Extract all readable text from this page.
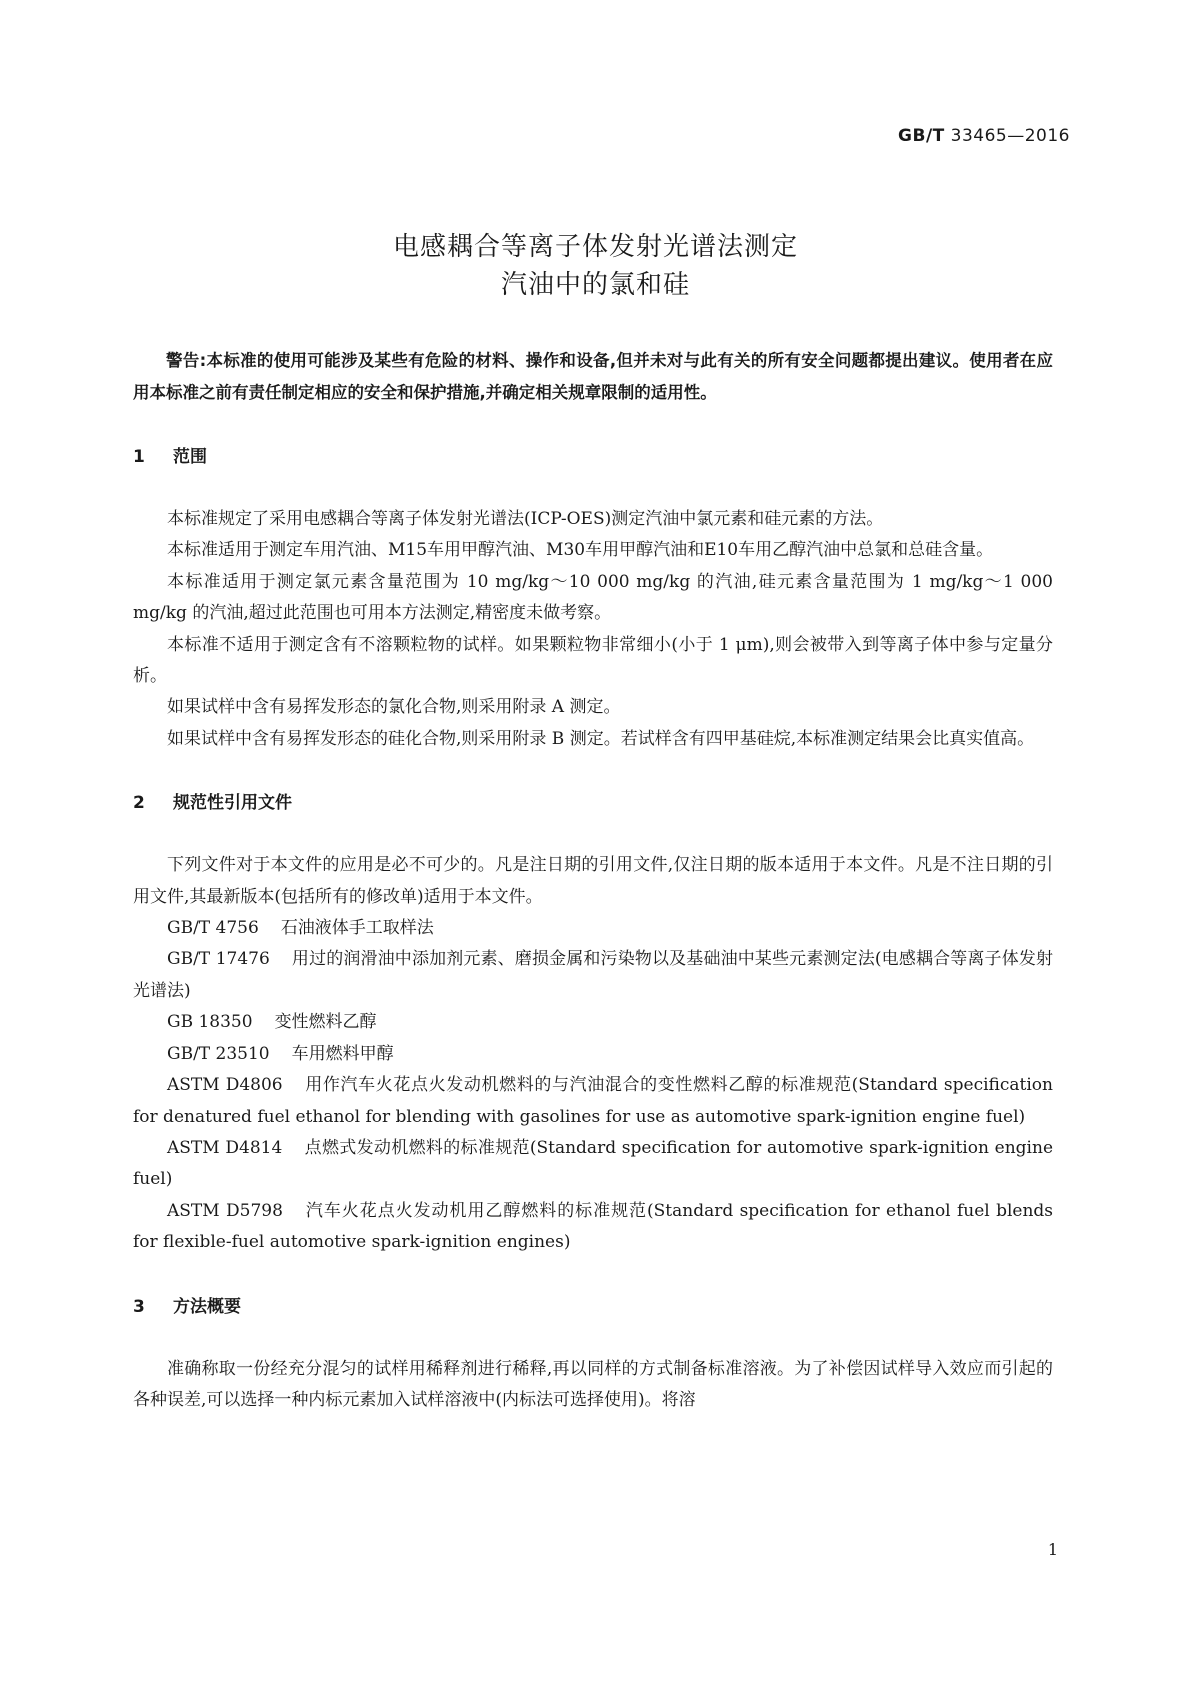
GB/T 33465—2016
电感耦合等离子体发射光谱法测定
汽油中的氯和硅

警告:本标准的使用可能涉及某些有危险的材料、操作和设备,但并未对与此有关的所有安全问题都提出建议。使用者在应用本标准之前有责任制定相应的安全和保护措施,并确定相关规章限制的适用性。

1 范围

本标准规定了采用电感耦合等离子体发射光谱法(ICP-OES)测定汽油中氯元素和硅元素的方法。

本标准适用于测定车用汽油、M15车用甲醇汽油、M30车用甲醇汽油和E10车用乙醇汽油中总氯和总硅含量。

本标准适用于测定氯元素含量范围为 10 mg/kg～10 000 mg/kg 的汽油,硅元素含量范围为 1 mg/kg～1 000 mg/kg 的汽油,超过此范围也可用本方法测定,精密度未做考察。

本标准不适用于测定含有不溶颗粒物的试样。如果颗粒物非常细小(小于 1 μm),则会被带入到等离子体中参与定量分析。

如果试样中含有易挥发形态的氯化合物,则采用附录 A 测定。

如果试样中含有易挥发形态的硅化合物,则采用附录 B 测定。若试样含有四甲基硅烷,本标准测定结果会比真实值高。

2 规范性引用文件

下列文件对于本文件的应用是必不可少的。凡是注日期的引用文件,仅注日期的版本适用于本文件。凡是不注日期的引用文件,其最新版本(包括所有的修改单)适用于本文件。

GB/T 4756 石油液体手工取样法

GB/T 17476 用过的润滑油中添加剂元素、磨损金属和污染物以及基础油中某些元素测定法(电感耦合等离子体发射光谱法)

GB 18350 变性燃料乙醇

GB/T 23510 车用燃料甲醇

ASTM D4806 用作汽车火花点火发动机燃料的与汽油混合的变性燃料乙醇的标准规范(Standard specification for denatured fuel ethanol for blending with gasolines for use as automotive spark-ignition engine fuel)

ASTM D4814 点燃式发动机燃料的标准规范(Standard specification for automotive spark-ignition engine fuel)

ASTM D5798 汽车火花点火发动机用乙醇燃料的标准规范(Standard specification for ethanol fuel blends for flexible-fuel automotive spark-ignition engines)

3 方法概要

准确称取一份经充分混匀的试样用稀释剂进行稀释,再以同样的方式制备标准溶液。为了补偿因试样导入效应而引起的各种误差,可以选择一种内标元素加入试样溶液中(内标法可选择使用)。将溶

1
